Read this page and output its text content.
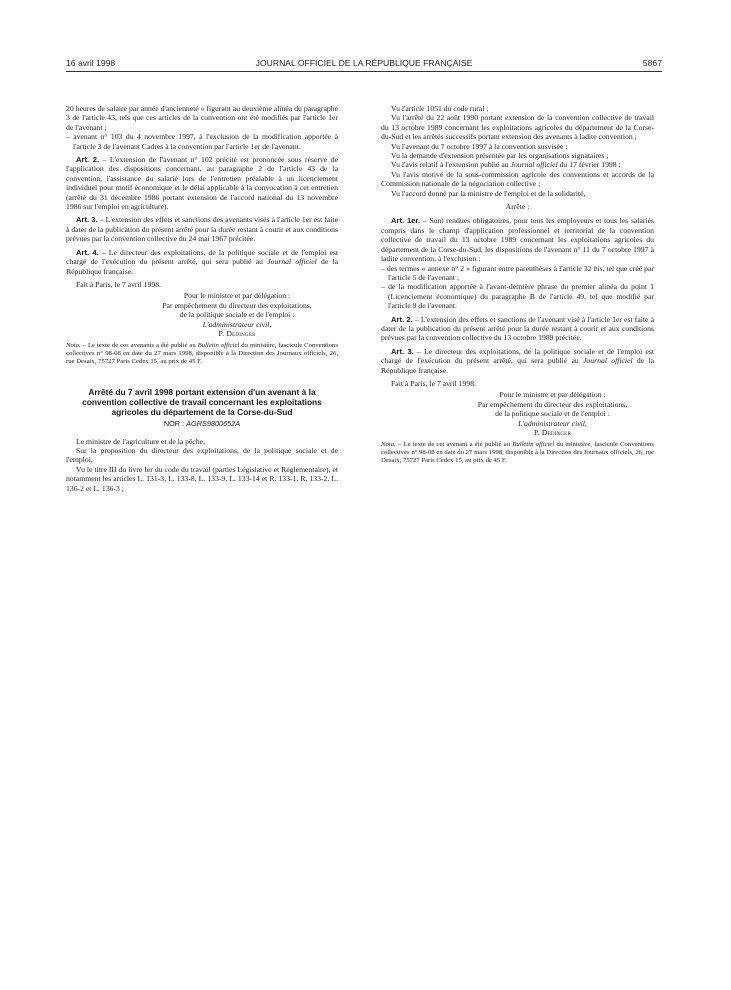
16 avril 1998	JOURNAL OFFICIEL DE LA RÉPUBLIQUE FRANÇAISE	5867

20 heures de salaire par année d'ancienneté » figurant au deuxième alinéa du paragraphe 3 de l'article 43, tels que ces articles de la convention ont été modifiés par l'article 1er de l'avenant ;

– avenant n° 103 du 4 novembre 1997, à l'exclusion de la modification apportée à l'article 3 de l'avenant Cadres à la convention par l'article 1er de l'avenant.

Art. 2. – L'extension de l'avenant n° 102 précité est prononcée sous réserve de l'application des dispositions concernant, au paragraphe 2 de l'article 43 de la convention, l'assistance du salarié lors de l'entretien préalable à un licenciement individuel pour motif économique et le délai applicable à la convocation à cet entretien (arrêté du 31 décembre 1986 portant extension de l'accord national du 13 novembre 1986 sur l'emploi en agriculture).

Art. 3. – L'extension des effets et sanctions des avenants visés à l'article 1er est faite à dater de la publication du présent arrêté pour la durée restant à courir et aux conditions prévues par la convention collective du 24 mai 1967 précitée.

Art. 4. – Le directeur des exploitations, de la politique sociale et de l'emploi est chargé de l'exécution du présent arrêté, qui sera publié au Journal officiel de la République française.

Fait à Paris, le 7 avril 1998.

Pour le ministre et par délégation :
Par empêchement du directeur des exploitations,
de la politique sociale et de l'emploi :
L'administrateur civil,
P. Dedinger
Nota. – Le texte de ces avenants a été publié au Bulletin officiel du ministère, fascicule Conventions collectives n° 98-08 en date du 27 mars 1998, disponible à la Direction des Journaux officiels, 26, rue Desaix, 75727 Paris Cedex 15, au prix de 45 F.
Arrêté du 7 avril 1998 portant extension d'un avenant à la convention collective de travail concernant les exploitations agricoles du département de la Corse-du-Sud
NOR : AGRS9800652A

Le ministre de l'agriculture et de la pêche,

Sur la proposition du directeur des exploitations, de la politique sociale et de l'emploi,

Vu le titre III du livre Ier du code du travail (parties Législative et Réglementaire), et notamment les articles L. 131-3, L. 133-8, L. 133-9, L. 133-14 et R. 133-1, R. 133-2, L. 136-2 et L. 136-3 ;

Vu l'article 1051 du code rural ;

Vu l'arrêté du 22 août 1990 portant extension de la convention collective de travail du 13 octobre 1989 concernant les exploitations agricoles du département de la Corse-du-Sud et les arrêtés successifs portant extension des avenants à ladite convention ;

Vu l'avenant du 7 octobre 1997 à la convention susvisée ;

Vu la demande d'extension présentée par les organisations signataires ;

Vu l'avis relatif à l'extension publié au Journal officiel du 17 février 1998 ;

Vu l'avis motivé de la sous-commission agricole des conventions et accords de la Commission nationale de la négociation collective ;

Vu l'accord donné par la ministre de l'emploi et de la solidarité,

Arrête :

Art. 1er. – Sont rendues obligatoires, pour tous les employeurs et tous les salariés compris dans le champ d'application professionnel et territorial de la convention collective de travail du 13 octobre 1989 concernant les exploitations agricoles du département de la Corse-du-Sud, les dispositions de l'avenant n° 11 du 7 octobre 1997 à ladite convention, à l'exclusion :

– des termes « annexe n° 2 » figurant entre parenthèses à l'article 32 bis, tel que créé par l'article 5 de l'avenant ;

– de la modification apportée à l'avant-dernière phrase du premier alinéa du point 1 (Licenciement économique) du paragraphe B de l'article 49, tel que modifié par l'article 9 de l'avenant.

Art. 2. – L'extension des effets et sanctions de l'avenant visé à l'article 1er est faite à dater de la publication du présent arrêté pour la durée restant à courir et aux conditions prévues par la convention collective du 13 octobre 1989 précitée.

Art. 3. – Le directeur des exploitations, de la politique sociale et de l'emploi est chargé de l'exécution du présent arrêté, qui sera publié au Journal officiel de la République française.

Fait à Paris, le 7 avril 1998.

Pour le ministre et par délégation :
Par empêchement du directeur des exploitations,
de la politique sociale et de l'emploi :
L'administrateur civil,
P. Dedinger
Nota. – Le texte de cet avenant a été publié au Bulletin officiel du ministère, fascicule Conventions collectives n° 98-08 en date du 27 mars 1998, disponible à la Direction des Journaux officiels, 26, rue Desaix, 75727 Paris Cedex 15, au prix de 45 F.
